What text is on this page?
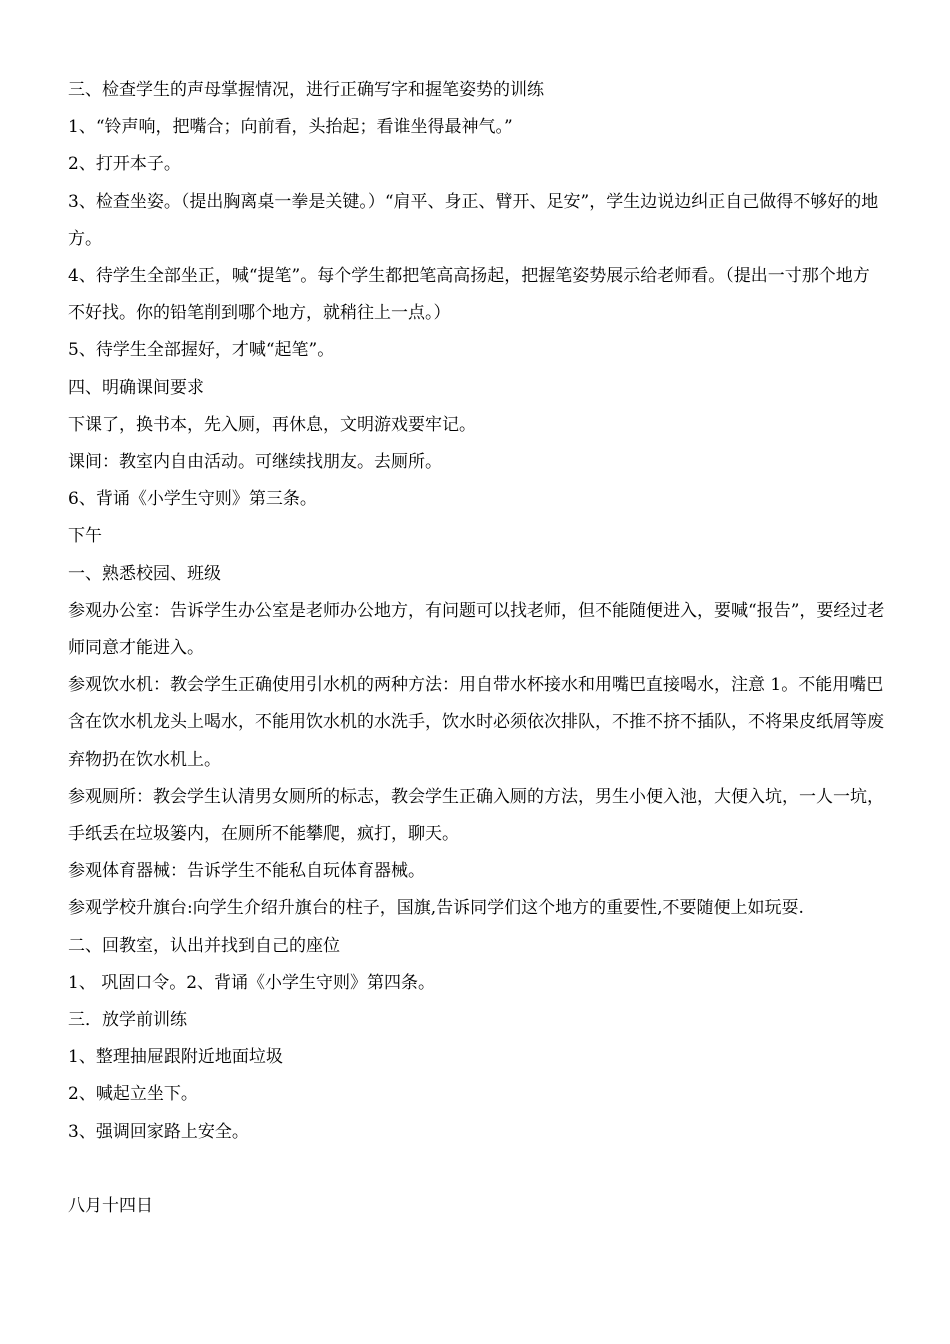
三、检查学生的声母掌握情况，进行正确写字和握笔姿势的训练

1、“铃声响，把嘴合；向前看，头抬起；看谁坐得最神气。”

2、打开本子。

3、检查坐姿。（提出胸离桌一拳是关键。）“肩平、身正、臂开、足安”，学生边说边纠正自己做得不够好的地方。

4、待学生全部坐正，喊“提笔”。每个学生都把笔高高扬起，把握笔姿势展示给老师看。（提出一寸那个地方不好找。你的铅笔削到哪个地方，就稍往上一点。）

5、待学生全部握好，才喊“起笔”。

四、明确课间要求

下课了，换书本，先入厕，再休息，文明游戏要牢记。

课间：教室内自由活动。可继续找朋友。去厕所。

6、背诵《小学生守则》第三条。

下午

一、熟悉校园、班级

参观办公室：告诉学生办公室是老师办公地方，有问题可以找老师，但不能随便进入，要喊“报告”，要经过老师同意才能进入。

参观饮水机：教会学生正确使用引水机的两种方法：用自带水杯接水和用嘴巴直接喝水，注意 1。不能用嘴巴含在饮水机龙头上喝水，不能用饮水机的水洗手，饮水时必须依次排队，不推不挤不插队，不将果皮纸屑等废弃物扔在饮水机上。

参观厕所：教会学生认清男女厕所的标志，教会学生正确入厕的方法，男生小便入池，大便入坑，一人一坑，手纸丢在垃圾篓内，在厕所不能攀爬，疯打，聊天。

参观体育器械：告诉学生不能私自玩体育器械。

参观学校升旗台:向学生介绍升旗台的柱子，国旗,告诉同学们这个地方的重要性,不要随便上如玩耍.

二、回教室，认出并找到自己的座位

1、 巩固口令。2、背诵《小学生守则》第四条。

三．放学前训练

1、整理抽屉跟附近地面垃圾

2、喊起立坐下。

3、强调回家路上安全。

八月十四日
